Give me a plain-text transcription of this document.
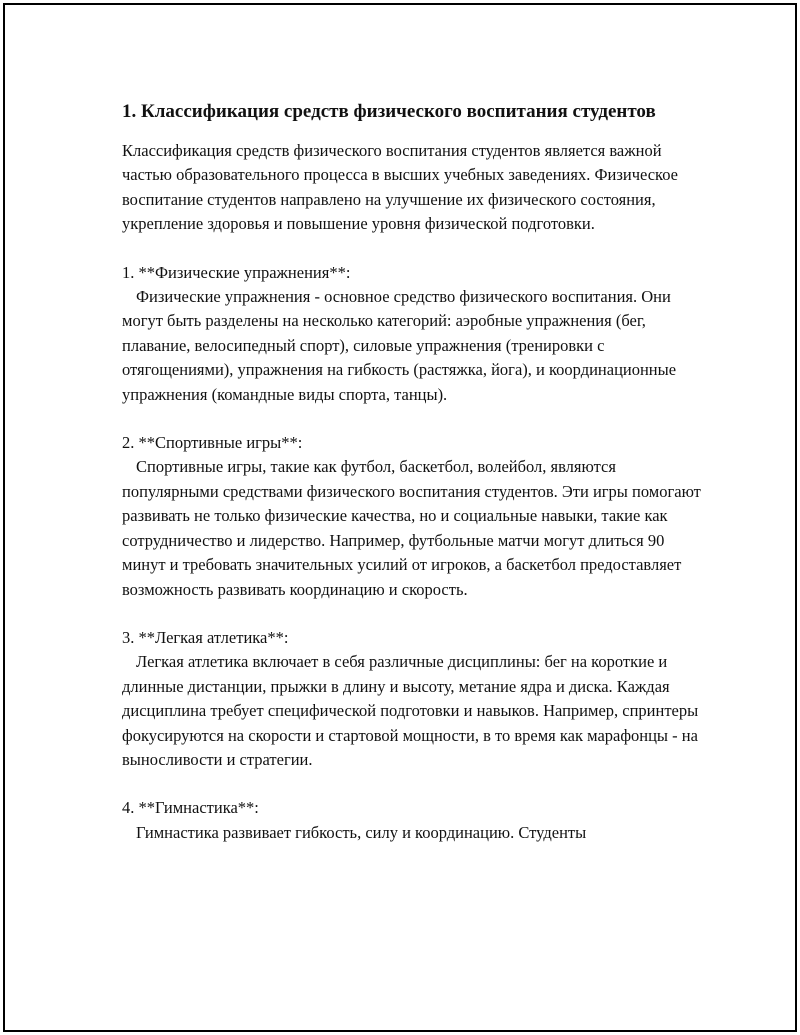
1. Классификация средств физического воспитания студентов
Классификация средств физического воспитания студентов является важной частью образовательного процесса в высших учебных заведениях. Физическое воспитание студентов направлено на улучшение их физического состояния, укрепление здоровья и повышение уровня физической подготовки.
1. **Физические упражнения**:
Физические упражнения - основное средство физического воспитания. Они могут быть разделены на несколько категорий: аэробные упражнения (бег, плавание, велосипедный спорт), силовые упражнения (тренировки с отягощениями), упражнения на гибкость (растяжка, йога), и координационные упражнения (командные виды спорта, танцы).
2. **Спортивные игры**:
Спортивные игры, такие как футбол, баскетбол, волейбол, являются популярными средствами физического воспитания студентов. Эти игры помогают развивать не только физические качества, но и социальные навыки, такие как сотрудничество и лидерство. Например, футбольные матчи могут длиться 90 минут и требовать значительных усилий от игроков, а баскетбол предоставляет возможность развивать координацию и скорость.
3. **Легкая атлетика**:
Легкая атлетика включает в себя различные дисциплины: бег на короткие и длинные дистанции, прыжки в длину и высоту, метание ядра и диска. Каждая дисциплина требует специфической подготовки и навыков. Например, спринтеры фокусируются на скорости и стартовой мощности, в то время как марафонцы - на выносливости и стратегии.
4. **Гимнастика**:
Гимнастика развивает гибкость, силу и координацию. Студенты
